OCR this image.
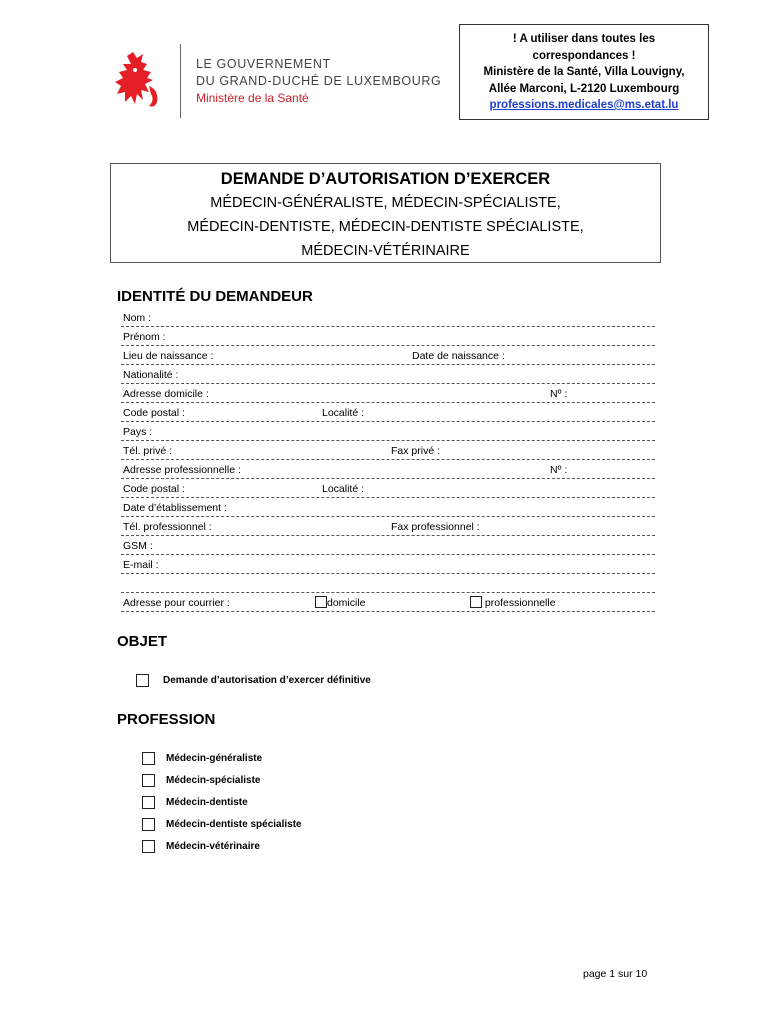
LE GOUVERNEMENT
DU GRAND-DUCHÉ DE LUXEMBOURG
Ministère de la Santé
! A utiliser dans toutes les
correspondances !
Ministère de la Santé, Villa Louvigny,
Allée Marconi, L-2120 Luxembourg
professions.medicales@ms.etat.lu
DEMANDE D’AUTORISATION D’EXERCER
MÉDECIN-GÉNÉRALISTE, MÉDECIN-SPÉCIALISTE,
MÉDECIN-DENTISTE, MÉDECIN-DENTISTE SPÉCIALISTE,
MÉDECIN-VÉTÉRINAIRE
IDENTITÉ DU DEMANDEUR
Nom :
Prénom :
Lieu de naissance :	Date de naissance :
Nationalité :
Adresse domicile :	Nº :
Code postal :	Localité :
Pays :
Tél. privé :	Fax privé :
Adresse professionnelle :	Nº :
Code postal :	Localité :
Date d’établissement :
Tél. professionnel :	Fax professionnel :
GSM :
E-mail :
Adresse pour courrier :	domicile	professionnelle
OBJET
Demande d’autorisation d’exercer définitive
PROFESSION
Médecin-généraliste
Médecin-spécialiste
Médecin-dentiste
Médecin-dentiste spécialiste
Médecin-vétérinaire
page 1 sur 10
